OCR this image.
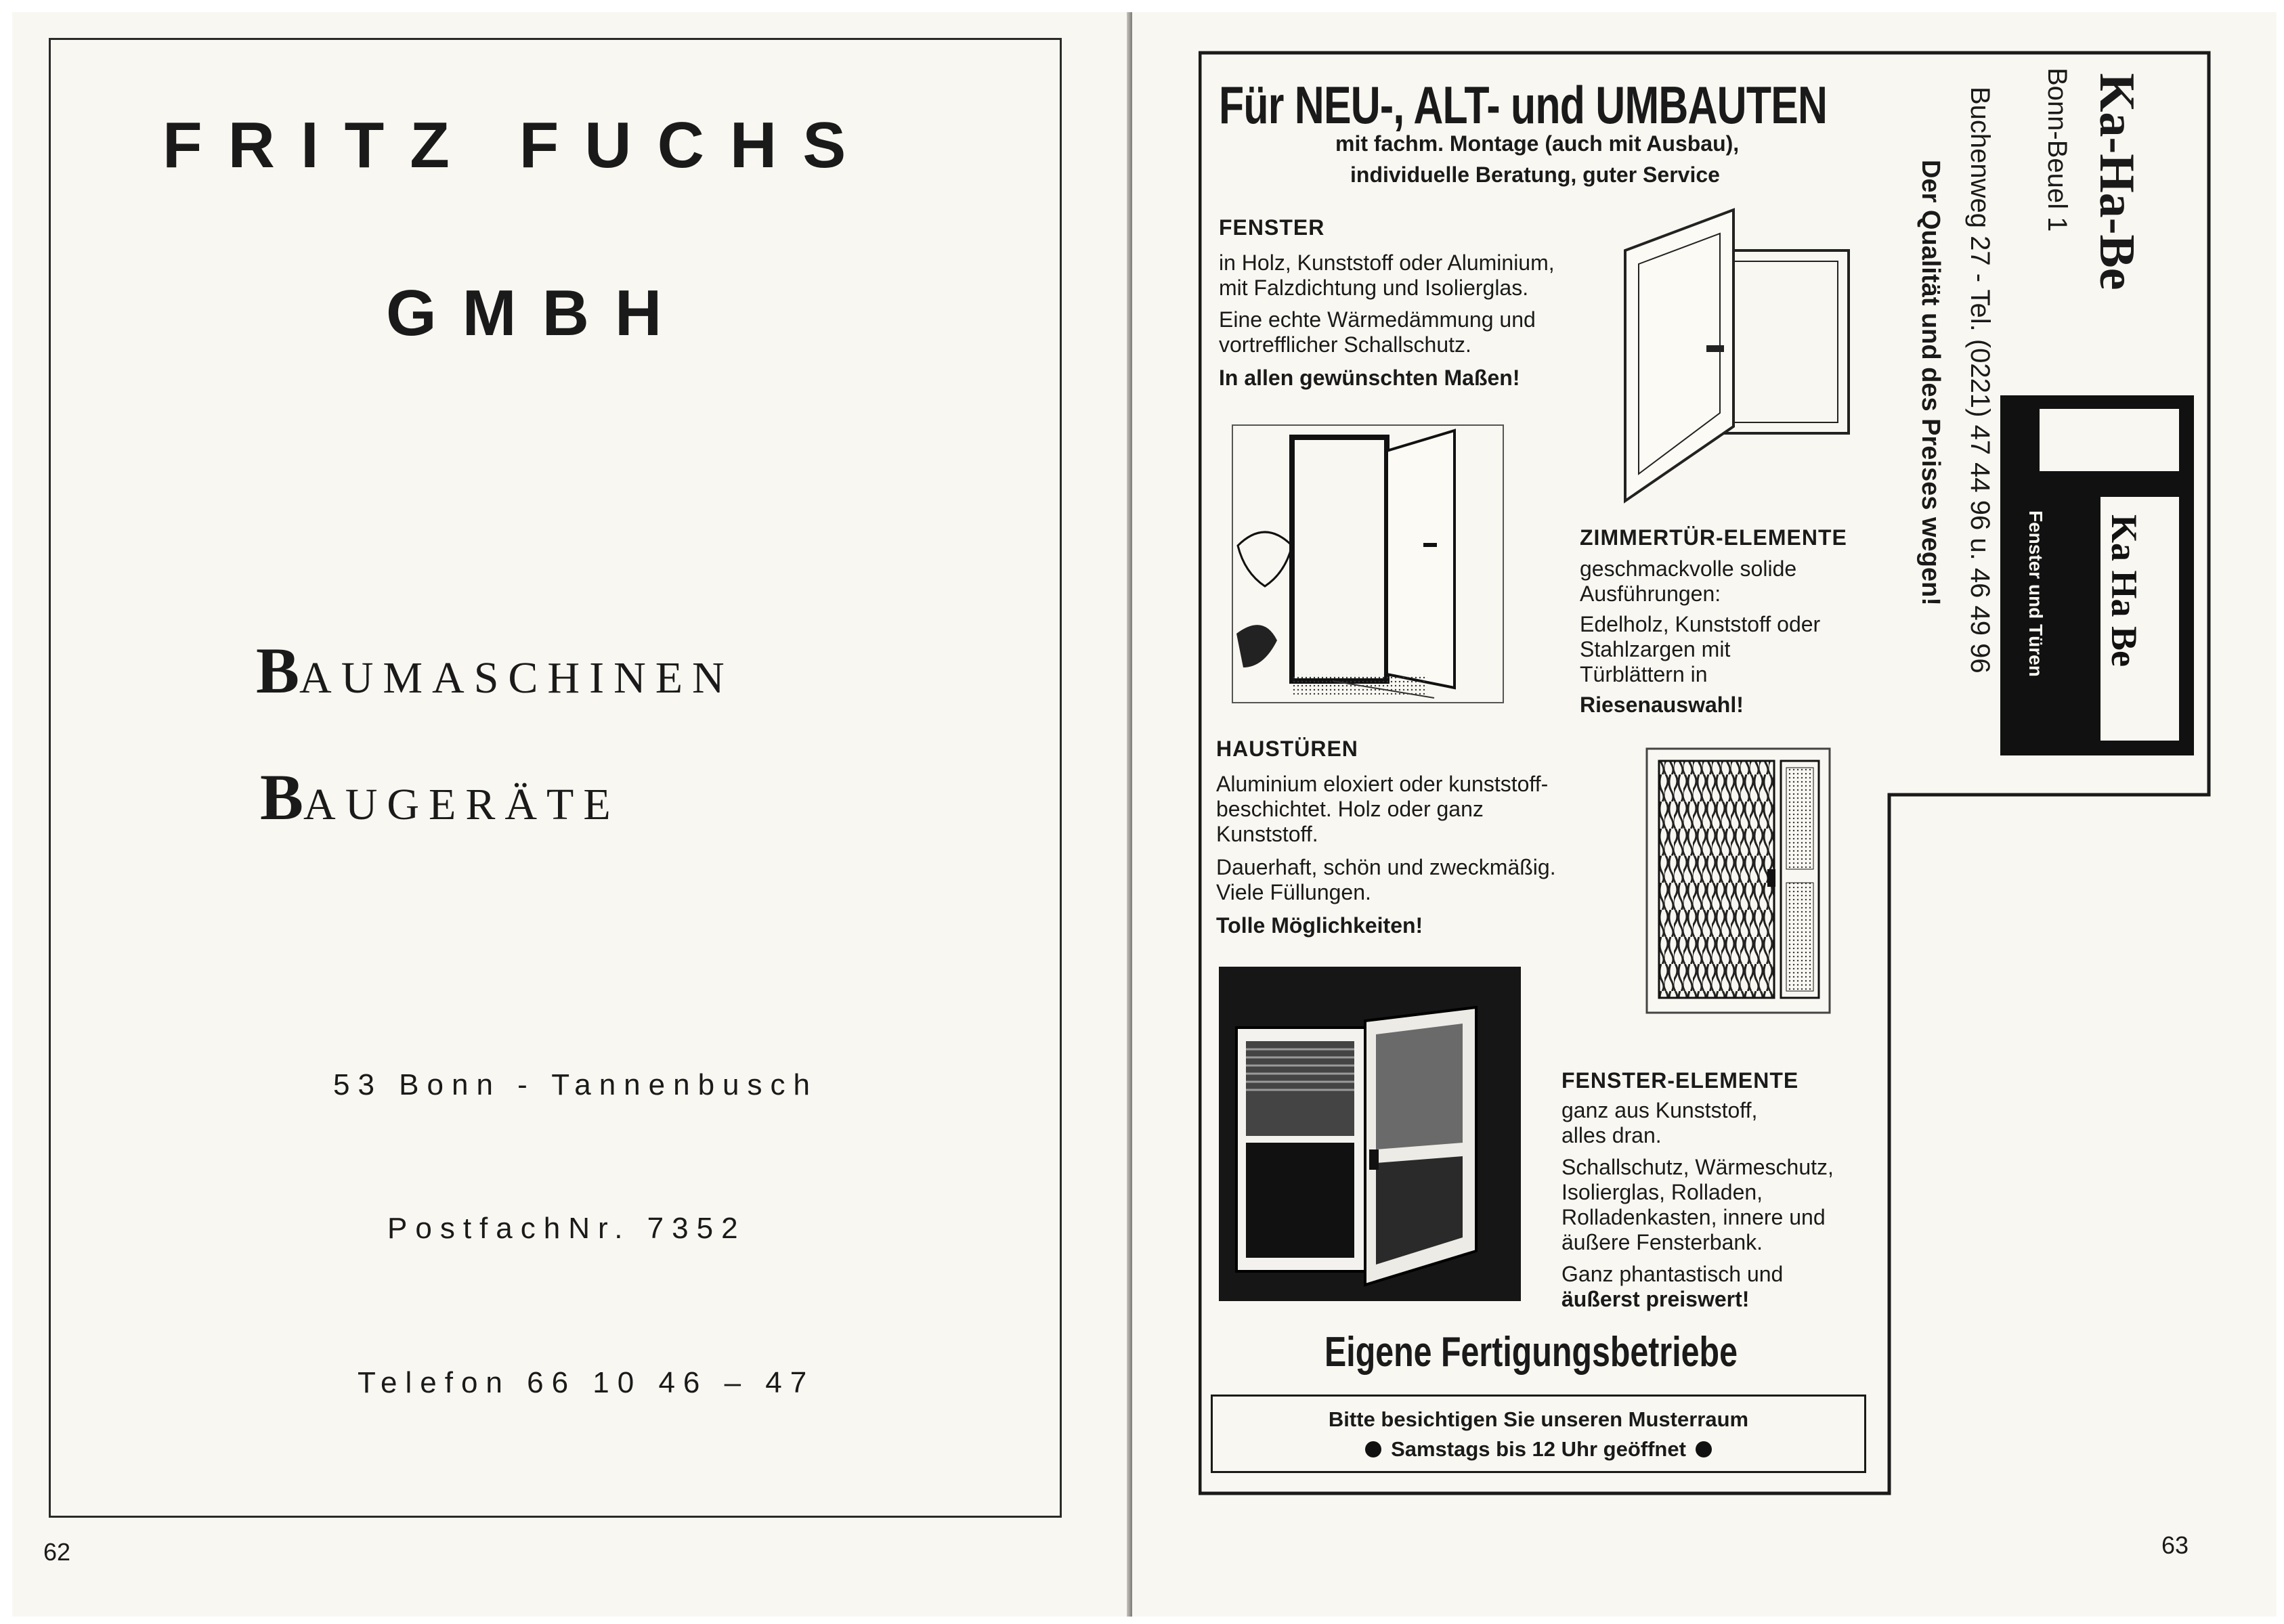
FRITZ FUCHS
GMBH
BAUMASCHINEN
BAUGERÄTE
53 Bonn - Tannenbusch
PostfachNr. 7352
Telefon 66 10 46 – 47
62
Für NEU-, ALT- und UMBAUTEN
mit fachm. Montage (auch mit Ausbau),
individuelle Beratung, guter Service
FENSTER
in Holz, Kunststoff oder Aluminium,
mit Falzdichtung und Isolierglas.
Eine echte Wärmedämmung und
vortrefflicher Schallschutz.
In allen gewünschten Maßen!
ZIMMERTÜR-ELEMENTE
geschmackvolle solide
Ausführungen:
Edelholz, Kunststoff oder
Stahlzargen mit
Türblättern in
Riesenauswahl!
HAUSTÜREN
Aluminium eloxiert oder kunststoff-
beschichtet. Holz oder ganz
Kunststoff.
Dauerhaft, schön und zweckmäßig.
Viele Füllungen.
Tolle Möglichkeiten!
FENSTER-ELEMENTE
ganz aus Kunststoff,
alles dran.
Schallschutz, Wärmeschutz,
Isolierglas, Rolladen,
Rolladenkasten, innere und
äußere Fensterbank.
Ganz phantastisch und
äußerst preiswert!
Eigene Fertigungsbetriebe
Bitte besichtigen Sie unseren Musterraum
Samstags bis 12 Uhr geöffnet
Ka-Ha-Be
Bonn-Beuel 1
Buchenweg 27 - Tel. (0221) 47 44 96 u. 46 49 96
Der Qualität und des Preises wegen!	Ka Ha Be
Fenster und Türen
63
